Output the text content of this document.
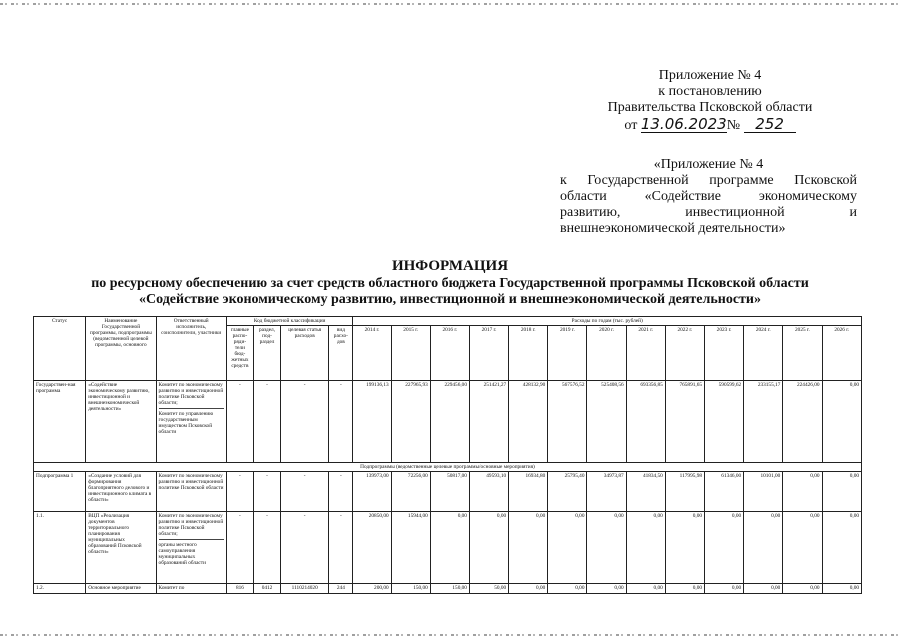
Приложение № 4
к постановлению
Правительства Псковской области
от 13.06.2023№ 252
«Приложение № 4
к Государственной программе Псковской
области «Содействие экономическому
развитию, инвестиционной и
внешнеэкономической деятельности»
ИНФОРМАЦИЯ
по ресурсному обеспечению за счет средств областного бюджета Государственной программы Псковской области
«Содействие экономическому развитию, инвестиционной и внешнеэкономической деятельности»
Статус	Наименование Государственной программы, подпрограммы (ведомственной целевой программы, основного	Ответственный исполнитель, соисполнители, участники	Код бюджетной классификации				Расходы по годам (тыс. рублей)												
			главные распо-ряди-тели бюд-жетных средств	раздел, под-раздел	целевая статья расходов	вид расхо-дов	2014 г.	2015 г.	2016 г.	2017 г.	2018 г.	2019 г.	2020 г.	2021 г.	2022 г.	2023 г.	2024 г.	2025 г.	2026 г.
Государствен-ная программа	«Содействие экономическому развитию, инвестиционной и внешнеэкономической деятельности»	Комитет по экономическому развитию и инвестиционной политике Псковской области;
Комитет по управлению государственным имуществом Псковской области	-	-	-	-	199136,13	227965,93	229456,00	251421,27	428132,90	567576,52	525408,56	693356,85	765891,65	590599,62	233155,17	224426,00	0,00
Подпрограммы (ведомственные целевые программы/основные мероприятия)																			
Подпрограмма 1	«Создание условий для формирования благоприятного делового и инвестиционного климата в области»	Комитет по экономическому развитию и инвестиционной политике Псковской области	-	-	-	-	139973,00	72256,00	50817,00	49593,10	16934,80	25795,40	34973,87	41834,50	117995,98	61346,00	10101,00	0,00	0,00
1.1.	ВЦП «Реализация документов территориального планирования муниципальных образований Псковской области»	Комитет по экономическому развитию и инвестиционной политике Псковской области;
органы местного самоуправления муниципальных образований области	-	-	-	-	20850,00	15944,00	0,00	0,00	0,00	0,00	0,00	0,00	0,00	0,00	0,00	0,00	0,00
1.2.	Основное мероприятие	Комитет по	816	0412	1110214020	244	200,00	150,00	150,00	50,00	0,00	0,00	0,00	0,00	0,00	0,00	0,00	0,00	0,00
